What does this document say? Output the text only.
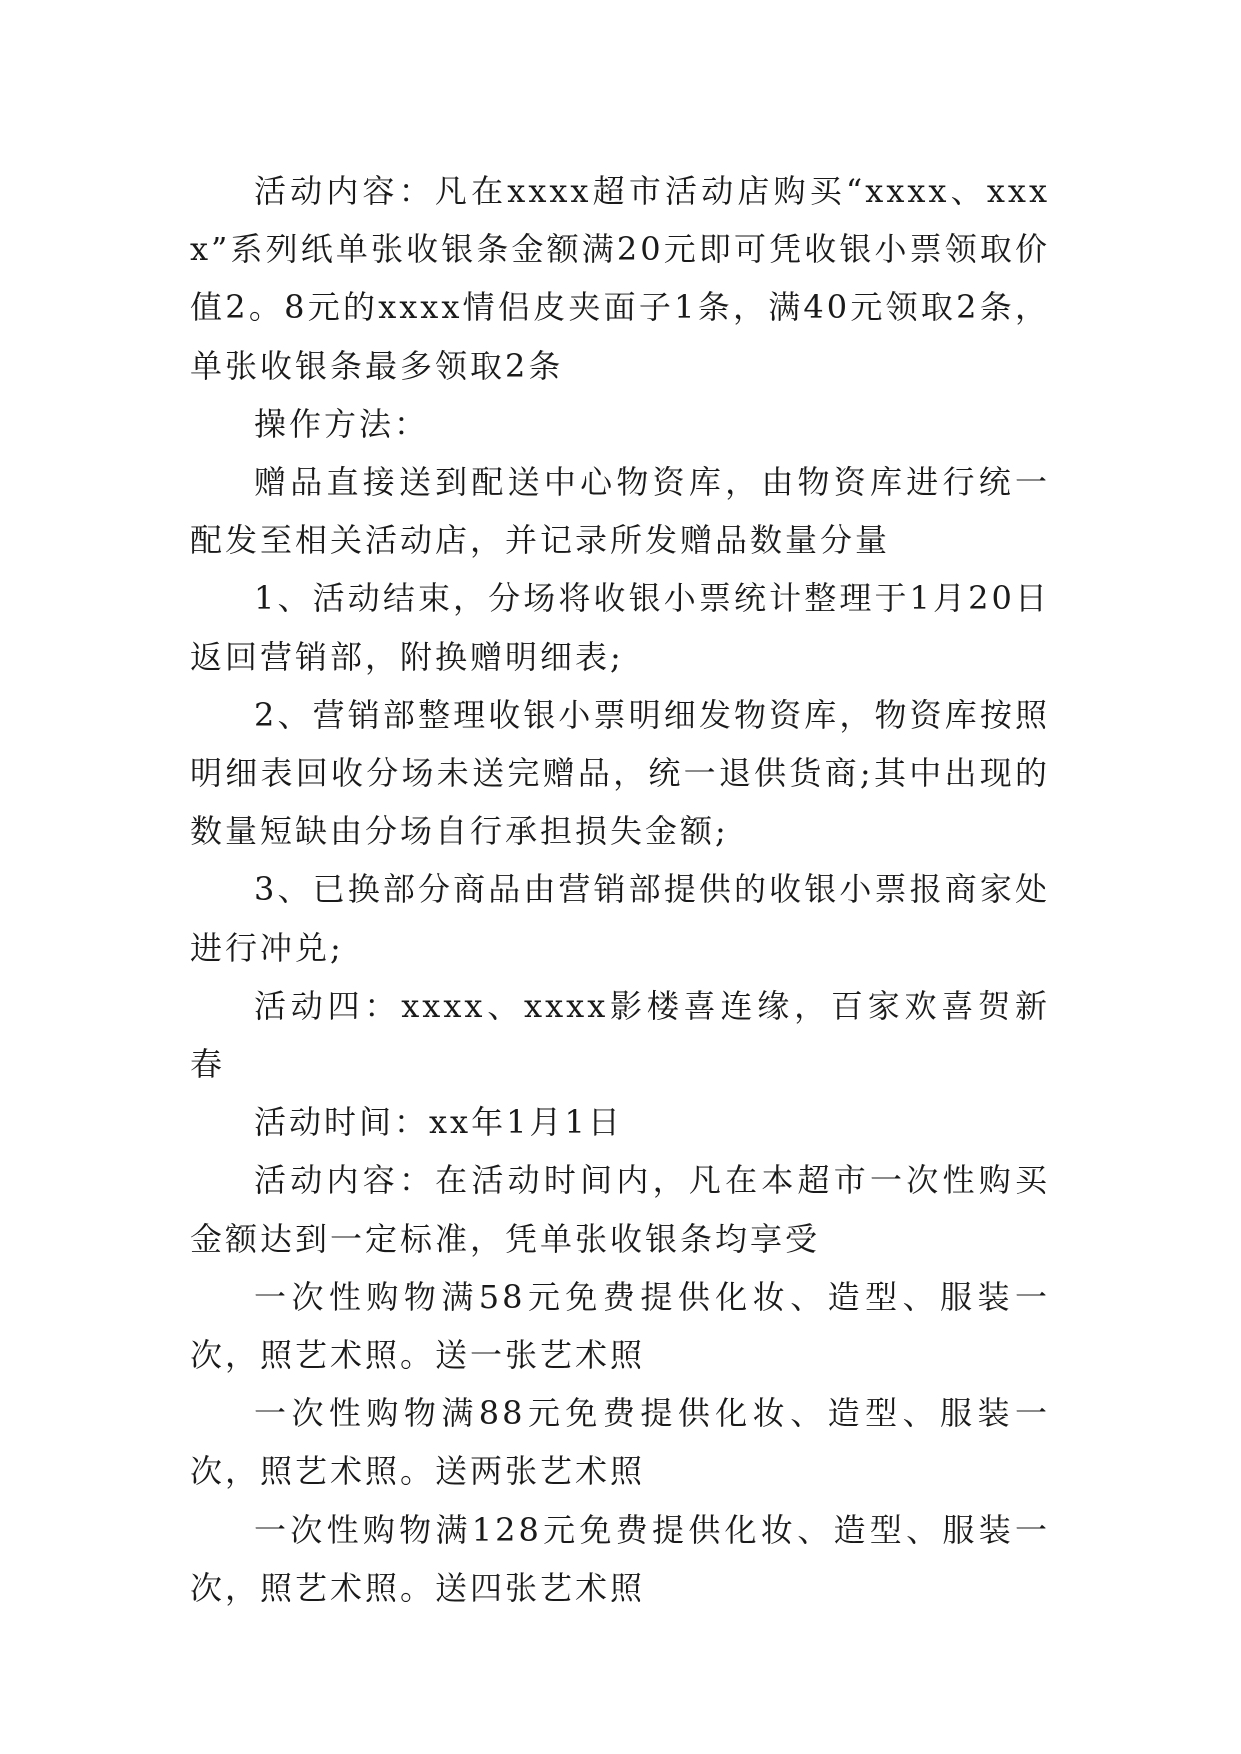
活动内容：凡在xxxx超市活动店购买“xxxx、xxxx”系列纸单张收银条金额满20元即可凭收银小票领取价值2。8元的xxxx情侣皮夹面子1条，满40元领取2条，单张收银条最多领取2条

操作方法：

赠品直接送到配送中心物资库，由物资库进行统一配发至相关活动店，并记录所发赠品数量分量

1、活动结束，分场将收银小票统计整理于1月20日返回营销部，附换赠明细表;

2、营销部整理收银小票明细发物资库，物资库按照明细表回收分场未送完赠品，统一退供货商;其中出现的数量短缺由分场自行承担损失金额;

3、已换部分商品由营销部提供的收银小票报商家处进行冲兑;

活动四：xxxx、xxxx影楼喜连缘，百家欢喜贺新春

活动时间：xx年1月1日

活动内容：在活动时间内，凡在本超市一次性购买金额达到一定标准，凭单张收银条均享受

一次性购物满58元免费提供化妆、造型、服装一次，照艺术照。送一张艺术照

一次性购物满88元免费提供化妆、造型、服装一次，照艺术照。送两张艺术照

一次性购物满128元免费提供化妆、造型、服装一次，照艺术照。送四张艺术照
